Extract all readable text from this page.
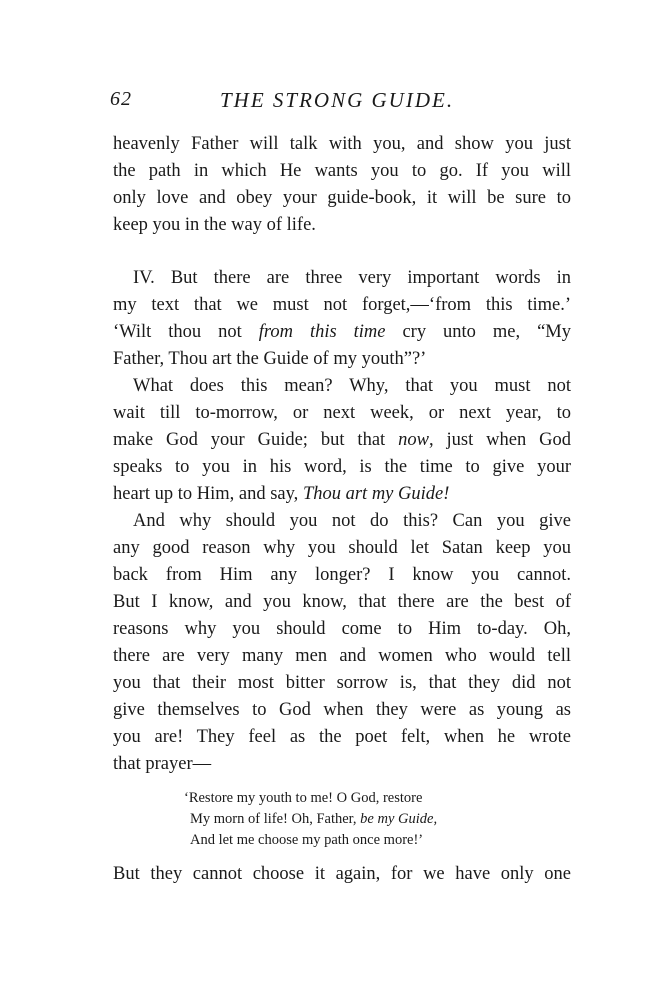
62	THE STRONG GUIDE.
heavenly Father will talk with you, and show you just
the path in which He wants you to go. If you will
only love and obey your guide-book, it will be sure to
keep you in the way of life.
IV. But there are three very important words in
my text that we must not forget,—‘from this time.’
‘Wilt thou not from this time cry unto me, “My
Father, Thou art the Guide of my youth”?’
What does this mean? Why, that you must not
wait till to-morrow, or next week, or next year, to
make God your Guide; but that now, just when God
speaks to you in his word, is the time to give your
heart up to Him, and say, Thou art my Guide!
And why should you not do this? Can you give
any good reason why you should let Satan keep you
back from Him any longer? I know you cannot.
But I know, and you know, that there are the best of
reasons why you should come to Him to-day. Oh,
there are very many men and women who would tell
you that their most bitter sorrow is, that they did not
give themselves to God when they were as young as
you are! They feel as the poet felt, when he wrote
that prayer—
‘Restore my youth to me! O God, restore
My morn of life! Oh, Father, be my Guide,
And let me choose my path once more!’
But they cannot choose it again, for we have only one
